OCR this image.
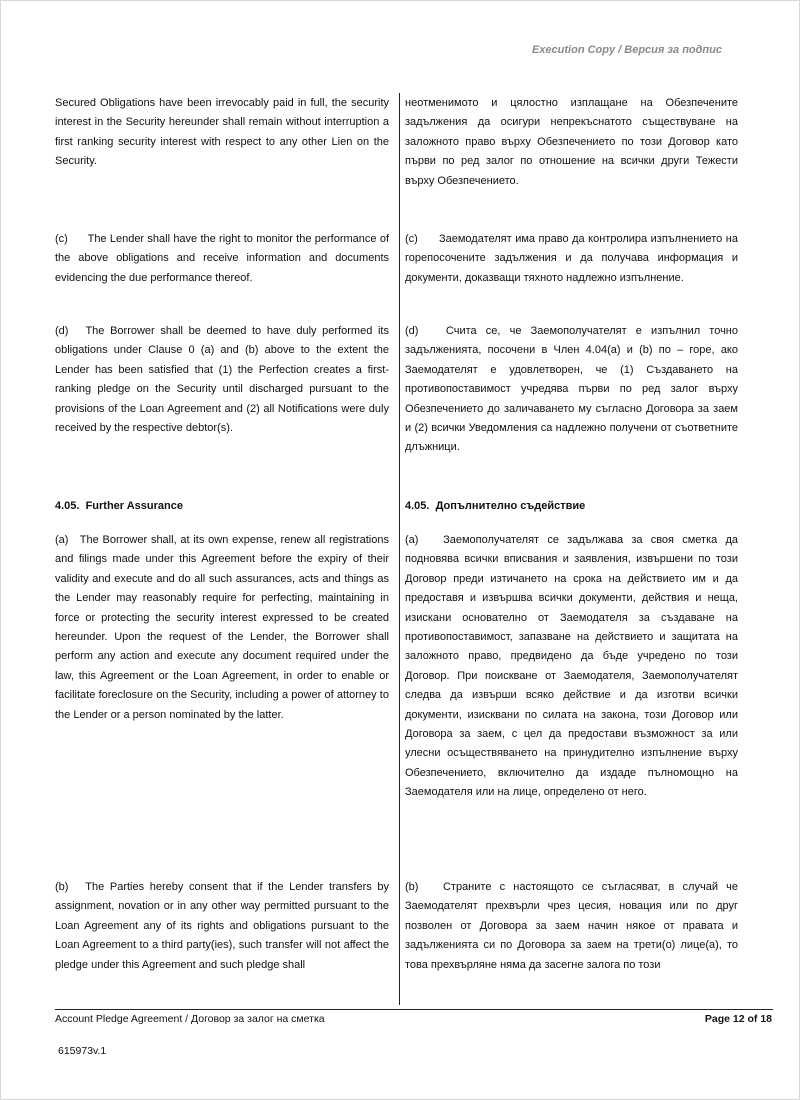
Execution Copy / Версия за подпис

Secured Obligations have been irrevocably paid in full, the security interest in the Security hereunder shall remain without interruption a first ranking security interest with respect to any other Lien on the Security.

неотменимото и цялостно изплащане на Обезпечените задължения да осигури непрекъснатото съществуване на заложното право върху Обезпечението по този Договор като първи по ред залог по отношение на всички други Тежести върху Обезпечението.

(c)      The Lender shall have the right to monitor the performance of the above obligations and receive information and documents evidencing the due performance thereof.

(c)      Заемодателят има право да контролира изпълнението на горепосочените задължения и да получава информация и документи, доказващи тяхното надлежно изпълнение.

(d)   The Borrower shall be deemed to have duly performed its obligations under Clause 0 (a) and (b) above to the extent the Lender has been satisfied that (1) the Perfection creates a first-ranking pledge on the Security until discharged pursuant to the provisions of the Loan Agreement and (2) all Notifications were duly received by the respective debtor(s).

(d)   Счита се, че Заемополучателят е изпълнил точно задълженията, посочени в Член 4.04(a) и (b) по – горе, ако Заемодателят е удовлетворен, че (1) Създаването на противопоставимост учредява първи по ред залог върху Обезпечението до заличаването му съгласно Договора за заем и (2) всички Уведомления са надлежно получени от съответните длъжници.

4.05.  Further Assurance	4.05.  Допълнително съдействие

(a)   The Borrower shall, at its own expense, renew all registrations and filings made under this Agreement before the expiry of their validity and execute and do all such assurances, acts and things as the Lender may reasonably require for perfecting, maintaining in force or protecting the security interest expressed to be created hereunder. Upon the request of the Lender, the Borrower shall perform any action and execute any document required under the law, this Agreement or the Loan Agreement, in order to enable or facilitate foreclosure on the Security, including a power of attorney to the Lender or a person nominated by the latter.

(a)   Заемополучателят се задължава за своя сметка да подновява всички вписвания и заявления, извършени по този Договор преди изтичането на срока на действието им и да предоставя и извършва всички документи, действия и неща, изискани основателно от Заемодателя за създаване на противопоставимост, запазване на действието и защитата на заложното право, предвидено да бъде учредено по този Договор. При поискване от Заемодателя, Заемополучателят следва да извърши всяко действие и да изготви всички документи, изисквани по силата на закона, този Договор или Договора за заем, с цел да предостави възможност за или улесни осъществяването на принудително изпълнение върху Обезпечението, включително да издаде пълномощно на Заемодателя или на лице, определено от него.

(b)   The Parties hereby consent that if the Lender transfers by assignment, novation or in any other way permitted pursuant to the Loan Agreement any of its rights and obligations pursuant to the Loan Agreement to a third party(ies), such transfer will not affect the pledge under this Agreement and such pledge shall

(b)   Страните с настоящото се съгласяват, в случай че Заемодателят прехвърли чрез цесия, новация или по друг позволен от Договора за заем начин някое от правата и задълженията си по Договора за заем на трети(о) лице(а), то това прехвърляне няма да засегне залога по този

Account Pledge Agreement / Договор за залог на сметка	Page 12 of 18
615973v.1
